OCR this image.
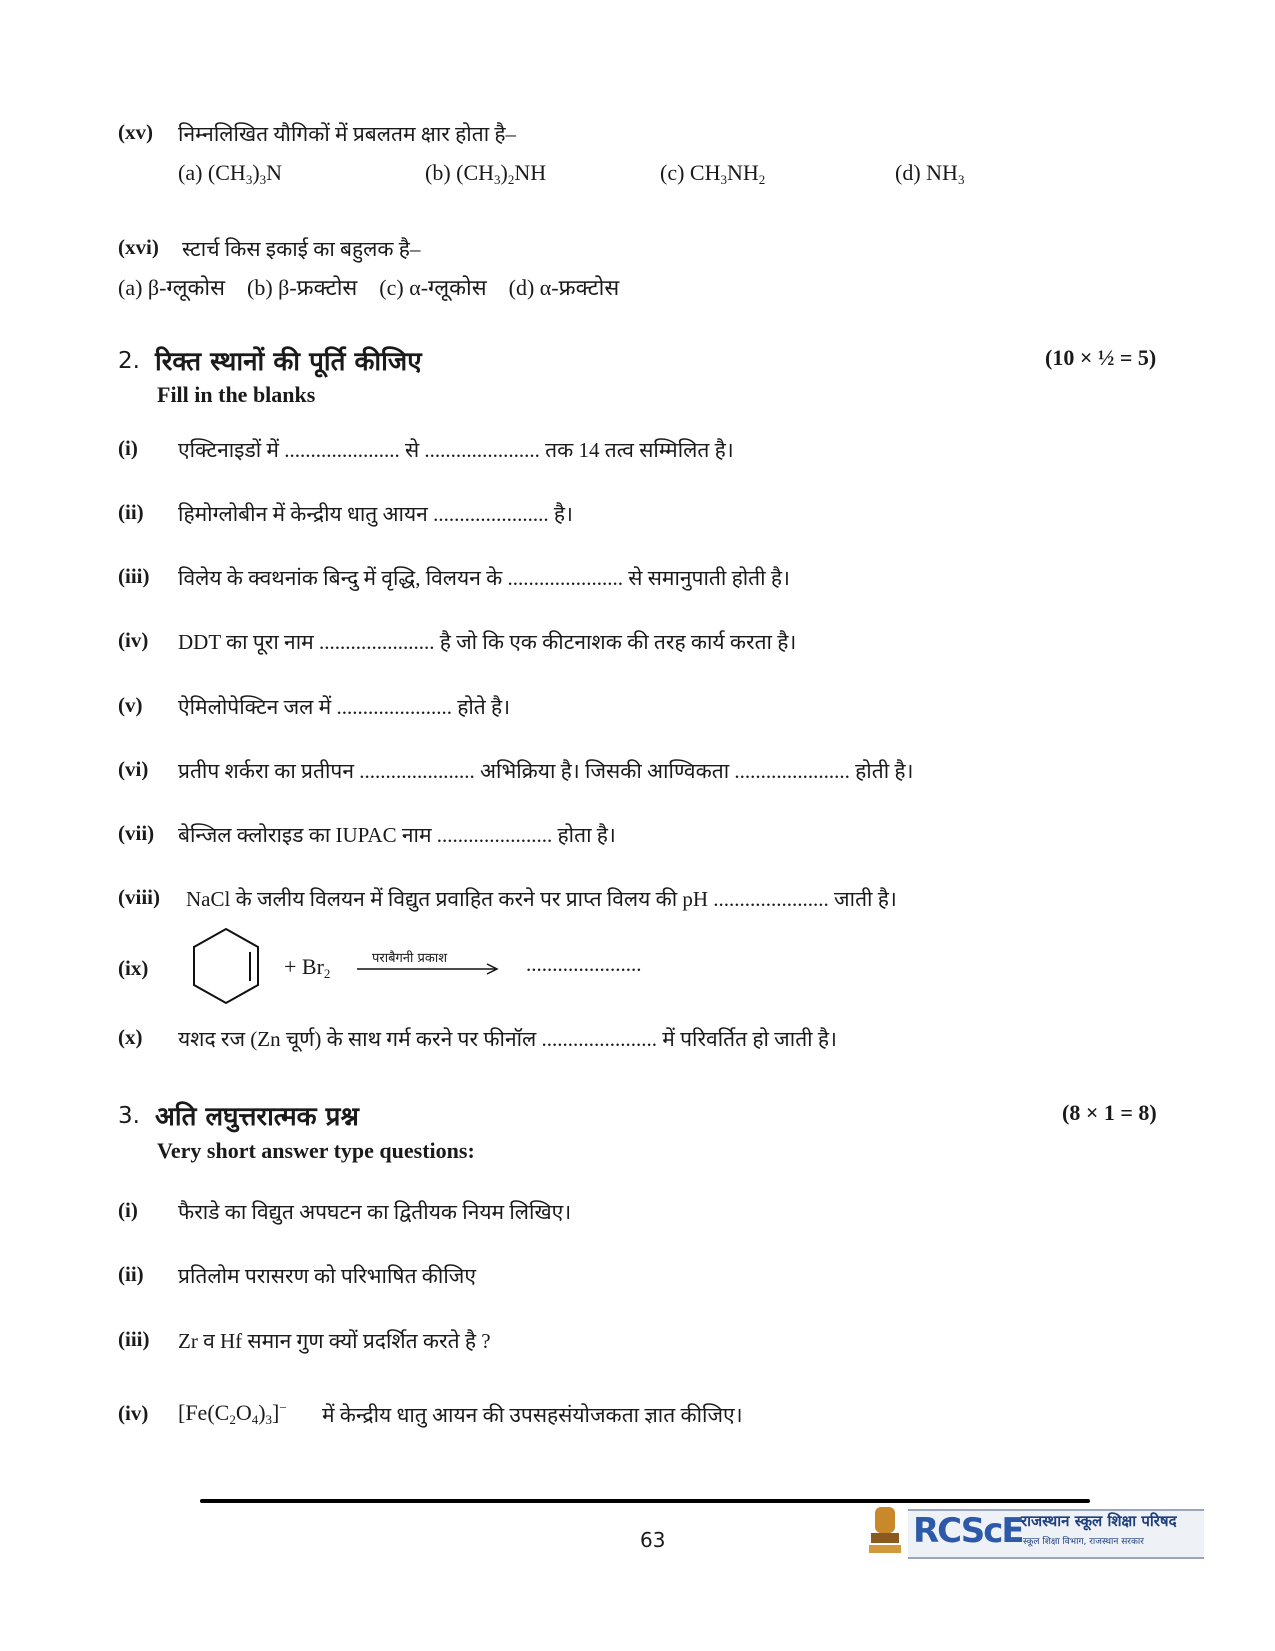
(xv) निम्नलिखित यौगिकों में प्रबलतम क्षार होता है–
(a) $(CH_3)_3N$	(b) $(CH_3)_2NH$	(c) $CH_3NH_2$	(d) $NH_3$
(xvi) स्टार्च किस इकाई का बहुलक है–
(a) β-ग्लूकोस    (b) β-फ्रक्टोस    (c) α-ग्लूकोस    (d) α-फ्रक्टोस
2. रिक्त स्थानों की पूर्ति कीजिए	(10 × ½ = 5)
Fill in the blanks
(i) एक्टिनाइडों में ...................... से ...................... तक 14 तत्व सम्मिलित है।
(ii) हिमोग्लोबीन में केन्द्रीय धातु आयन ...................... है।
(iii) विलेय के क्वथनांक बिन्दु में वृद्धि, विलयन के ...................... से समानुपाती होती है।
(iv) DDT का पूरा नाम ...................... है जो कि एक कीटनाशक की तरह कार्य करता है।
(v) ऐमिलोपेक्टिन जल में ...................... होते है।
(vi) प्रतीप शर्करा का प्रतीपन ...................... अभिक्रिया है। जिसकी आण्विकता ...................... होती है।
(vii) बेन्जिल क्लोराइड का IUPAC नाम ...................... होता है।
(viii) NaCl के जलीय विलयन में विद्युत प्रवाहित करने पर प्राप्त विलय की pH ...................... जाती है।
(ix)	+ $Br_2$
पराबैगनी प्रकाश	......................
(x) यशद रज (Zn चूर्ण) के साथ गर्म करने पर फीनॉल ...................... में परिवर्तित हो जाती है।
3. अति लघुत्तरात्मक प्रश्न	(8 × 1 = 8)
Very short answer type questions:
(i) फैराडे का विद्युत अपघटन का द्वितीयक नियम लिखिए।
(ii) प्रतिलोम परासरण को परिभाषित कीजिए
(iii) Zr व Hf समान गुण क्यों प्रदर्शित करते है ?
(iv) $[Fe(C_2O_4)_3]^-$ में केन्द्रीय धातु आयन की उपसहसंयोजकता ज्ञात कीजिए।
63	RCScE
राजस्थान स्कूल शिक्षा परिषद
स्कूल शिक्षा विभाग, राजस्थान सरकार
